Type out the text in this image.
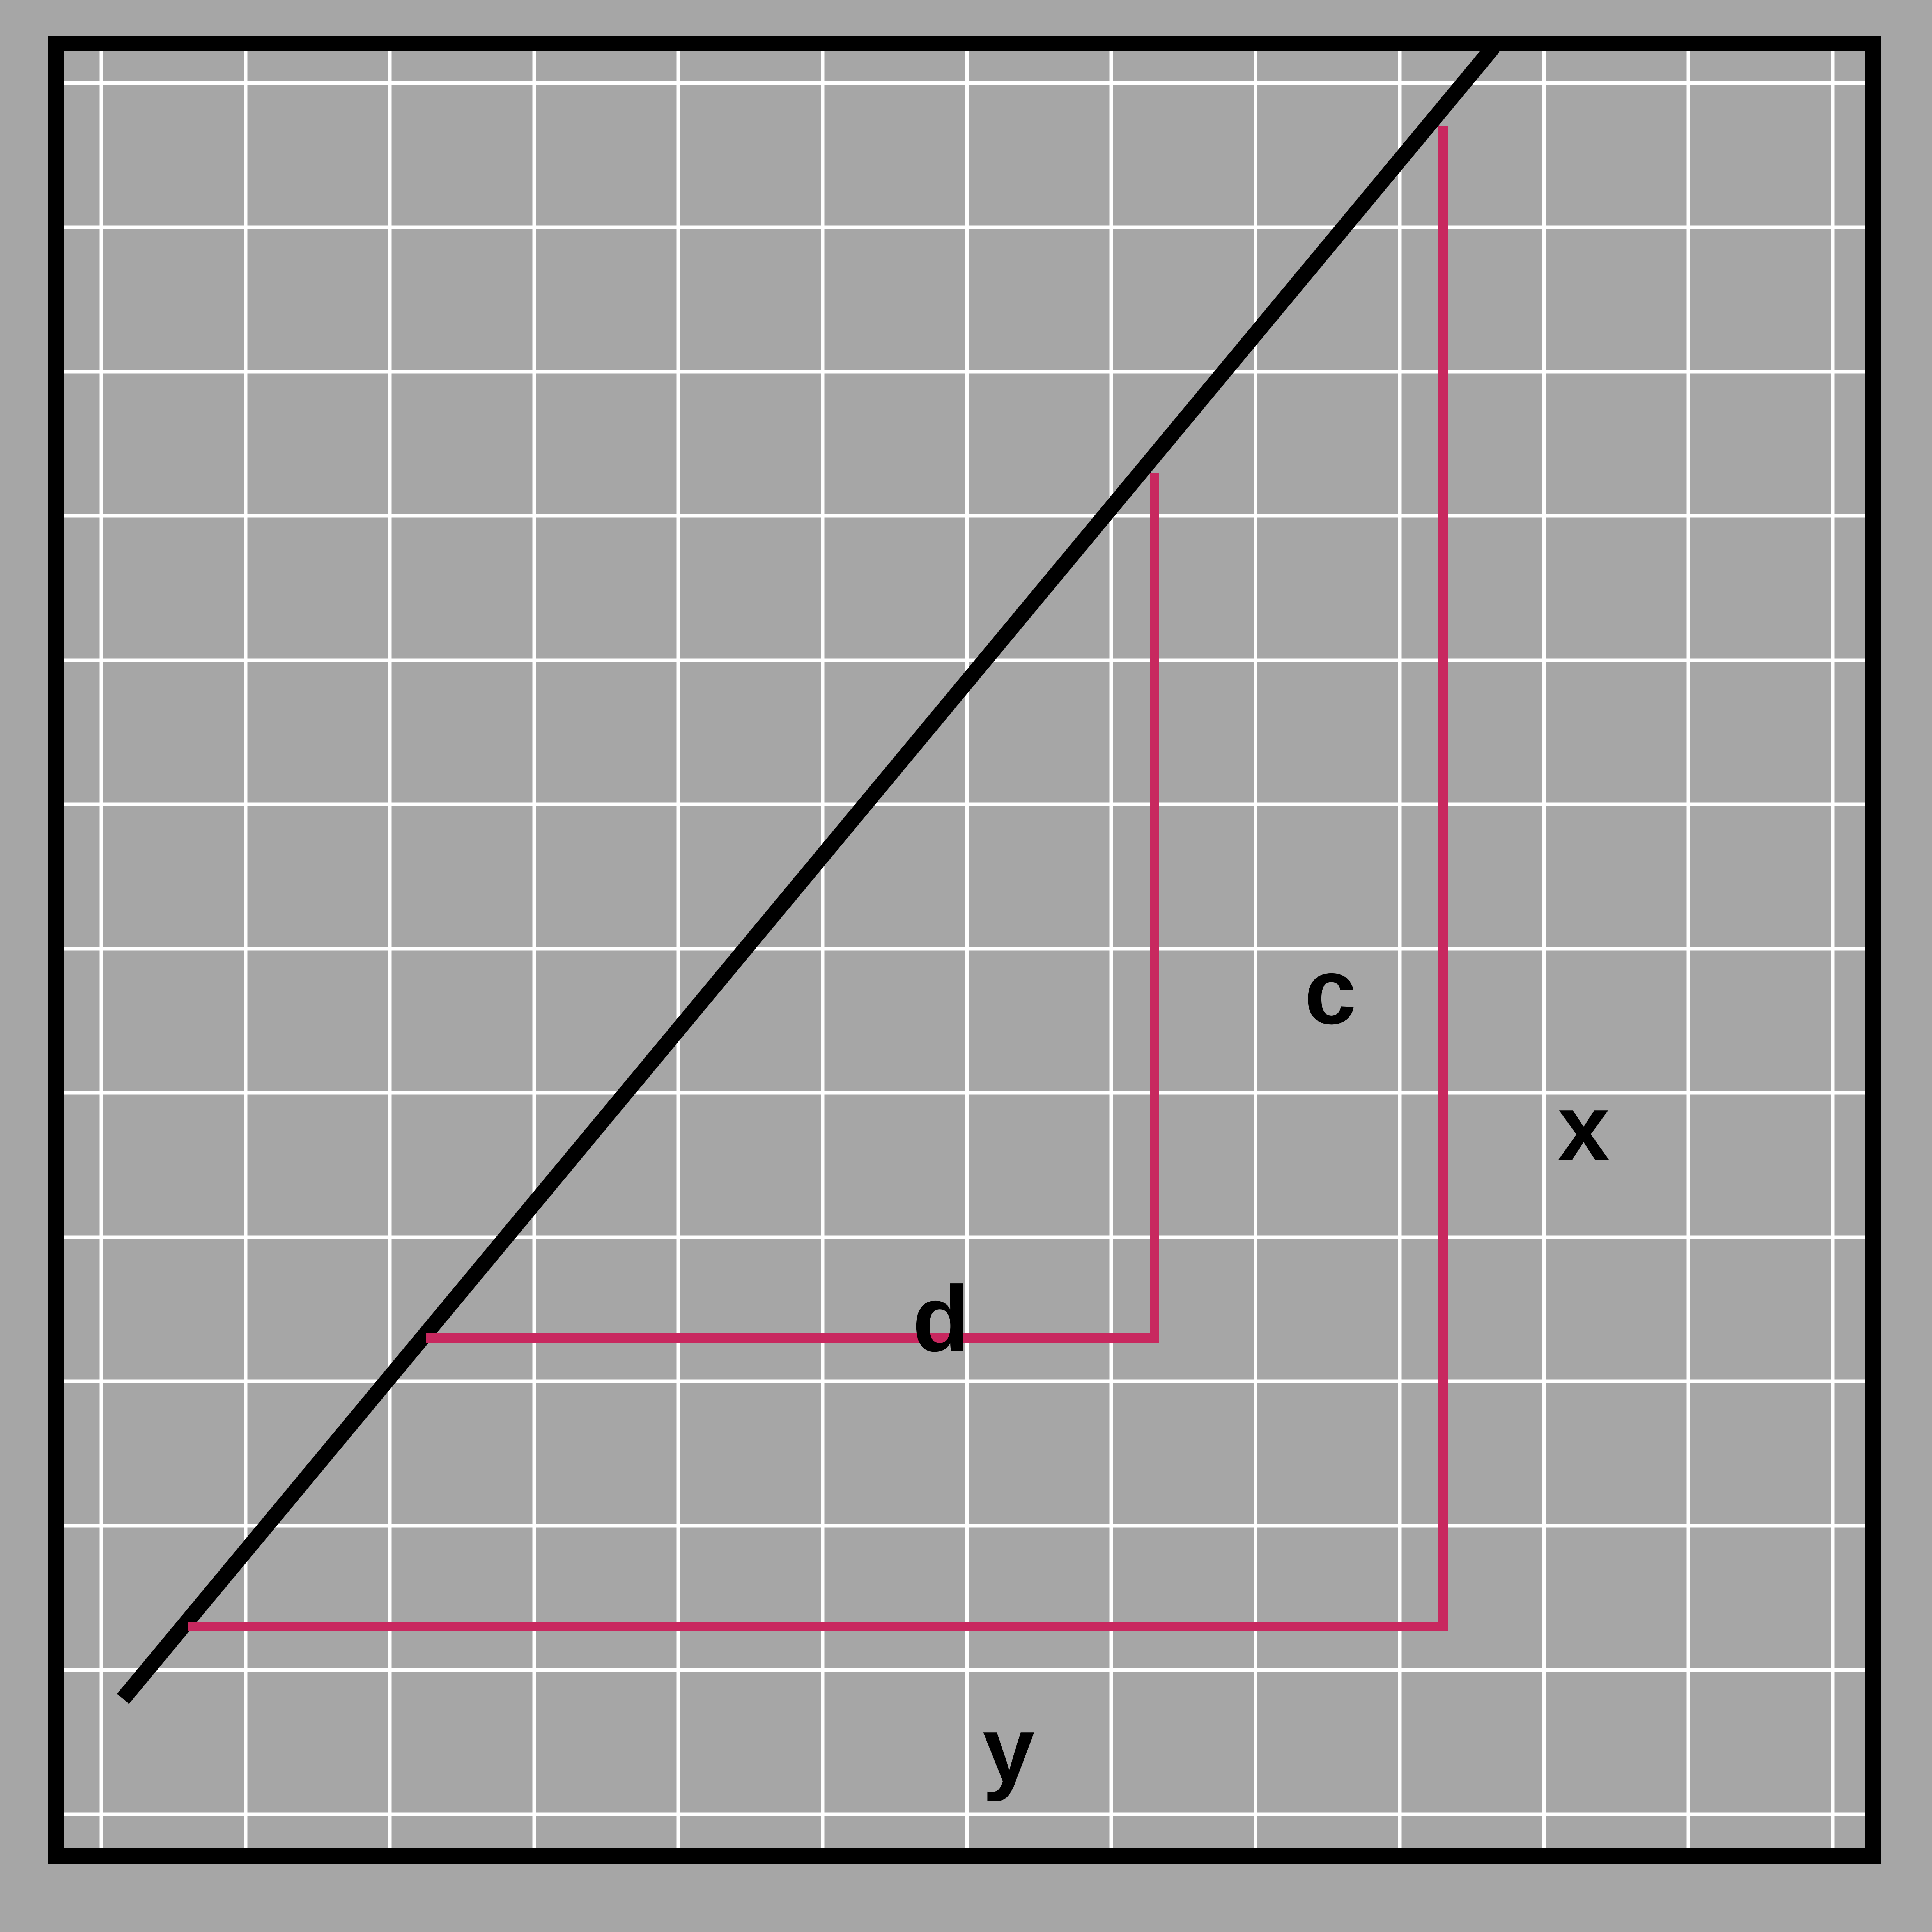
c
d
x
y
